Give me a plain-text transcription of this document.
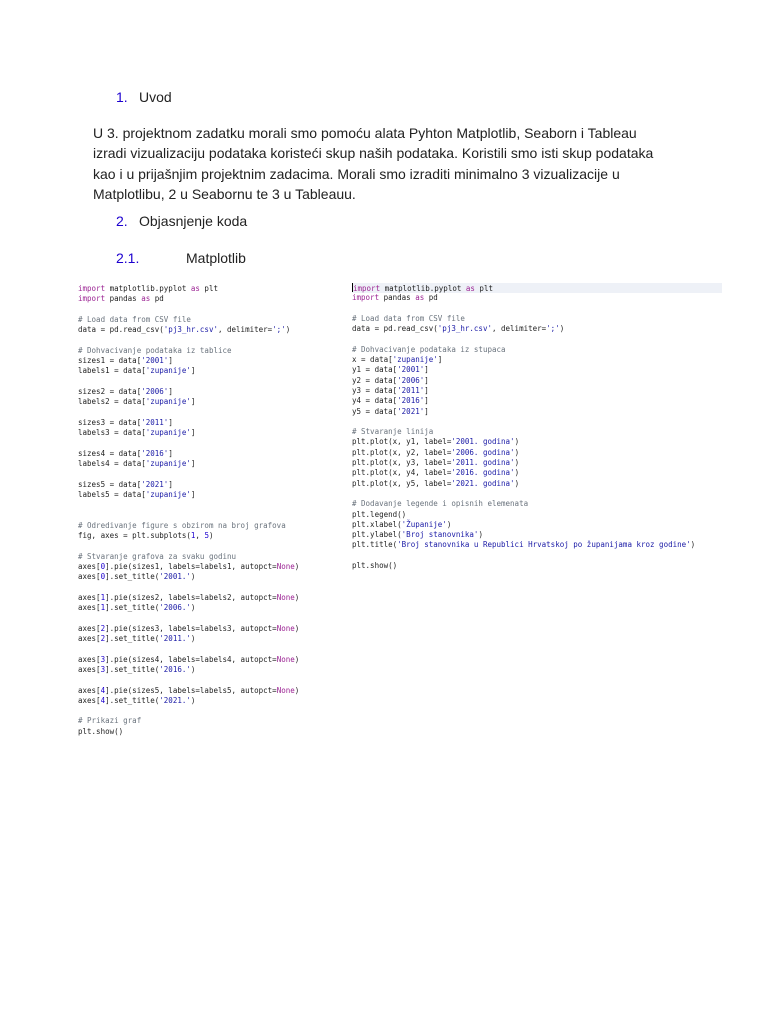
1. Uvod
U 3. projektnom zadatku morali smo pomoću alata Pyhton Matplotlib, Seaborn i Tableau
izradi vizualizaciju podataka koristeći skup naših podataka. Koristili smo isti skup podataka
kao i u prijašnjim projektnim zadacima. Morali smo izraditi minimalno 3 vizualizacije u
Matplotlibu, 2 u Seabornu te 3 u Tableauu.
2. Objasnjenje koda
2.1.	Matplotlib
import matplotlib.pyplot as plt
import pandas as pd
# Load data from CSV file
data = pd.read_csv('pj3_hr.csv', delimiter=';')
# Dohvacivanje podataka iz tablice
sizes1 = data['2001']
labels1 = data['zupanije']
sizes2 = data['2006']
labels2 = data['zupanije']
sizes3 = data['2011']
labels3 = data['zupanije']
sizes4 = data['2016']
labels4 = data['zupanije']
sizes5 = data['2021']
labels5 = data['zupanije']
# Odredivanje figure s obzirom na broj grafova
fig, axes = plt.subplots(1, 5)
# Stvaranje grafova za svaku godinu
axes[0].pie(sizes1, labels=labels1, autopct=None)
axes[0].set_title('2001.')
axes[1].pie(sizes2, labels=labels2, autopct=None)
axes[1].set_title('2006.')
axes[2].pie(sizes3, labels=labels3, autopct=None)
axes[2].set_title('2011.')
axes[3].pie(sizes4, labels=labels4, autopct=None)
axes[3].set_title('2016.')
axes[4].pie(sizes5, labels=labels5, autopct=None)
axes[4].set_title('2021.')
# Prikazi graf
plt.show()
import matplotlib.pyplot as plt
import pandas as pd
# Load data from CSV file
data = pd.read_csv('pj3_hr.csv', delimiter=';')
# Dohvacivanje podataka iz stupaca
x = data['zupanije']
y1 = data['2001']
y2 = data['2006']
y3 = data['2011']
y4 = data['2016']
y5 = data['2021']
# Stvaranje linija
plt.plot(x, y1, label='2001. godina')
plt.plot(x, y2, label='2006. godina')
plt.plot(x, y3, label='2011. godina')
plt.plot(x, y4, label='2016. godina')
plt.plot(x, y5, label='2021. godina')
# Dodavanje legende i opisnih elemenata
plt.legend()
plt.xlabel('Županije')
plt.ylabel('Broj stanovnika')
plt.title('Broj stanovnika u Republici Hrvatskoj po županijama kroz godine')
plt.show()
